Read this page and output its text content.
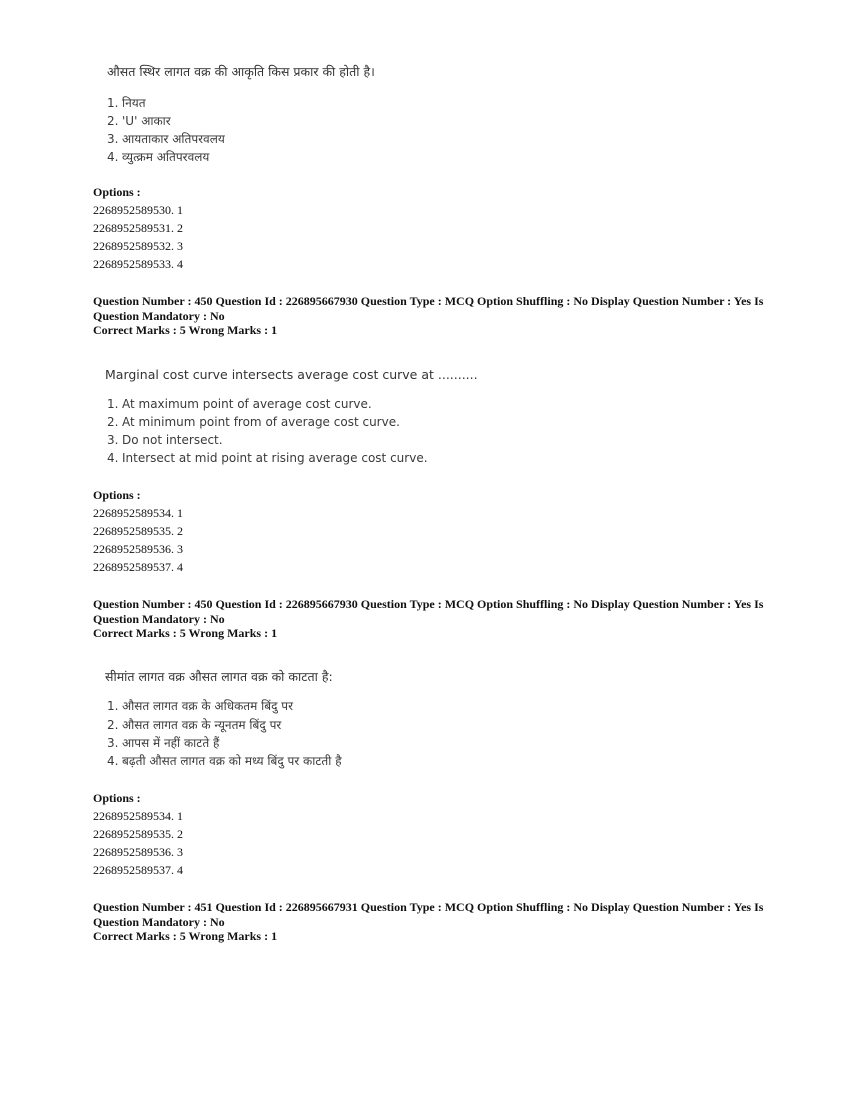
औसत स्थिर लागत वक्र की आकृति किस प्रकार की होती है।
1. नियत
2. 'U' आकार
3. आयताकार अतिपरवलय
4. व्युत्क्रम अतिपरवलय
Options :
2268952589530. 1
2268952589531. 2
2268952589532. 3
2268952589533. 4
Question Number : 450 Question Id : 226895667930 Question Type : MCQ Option Shuffling : No Display Question Number : Yes Is Question Mandatory : No
Correct Marks : 5 Wrong Marks : 1
Marginal cost curve intersects average cost curve at ..........
1. At maximum point of average cost curve.
2. At minimum point from of average cost curve.
3. Do not intersect.
4. Intersect at mid point at rising average cost curve.
Options :
2268952589534. 1
2268952589535. 2
2268952589536. 3
2268952589537. 4
Question Number : 450 Question Id : 226895667930 Question Type : MCQ Option Shuffling : No Display Question Number : Yes Is Question Mandatory : No
Correct Marks : 5 Wrong Marks : 1
सीमांत लागत वक्र औसत लागत वक्र को काटता है:
1. औसत लागत वक्र के अधिकतम बिंदु पर
2. औसत लागत वक्र के न्यूनतम बिंदु पर
3. आपस में नहीं काटते हैं
4. बढ़ती औसत लागत वक्र को मध्य बिंदु पर काटती है
Options :
2268952589534. 1
2268952589535. 2
2268952589536. 3
2268952589537. 4
Question Number : 451 Question Id : 226895667931 Question Type : MCQ Option Shuffling : No Display Question Number : Yes Is Question Mandatory : No
Correct Marks : 5 Wrong Marks : 1
